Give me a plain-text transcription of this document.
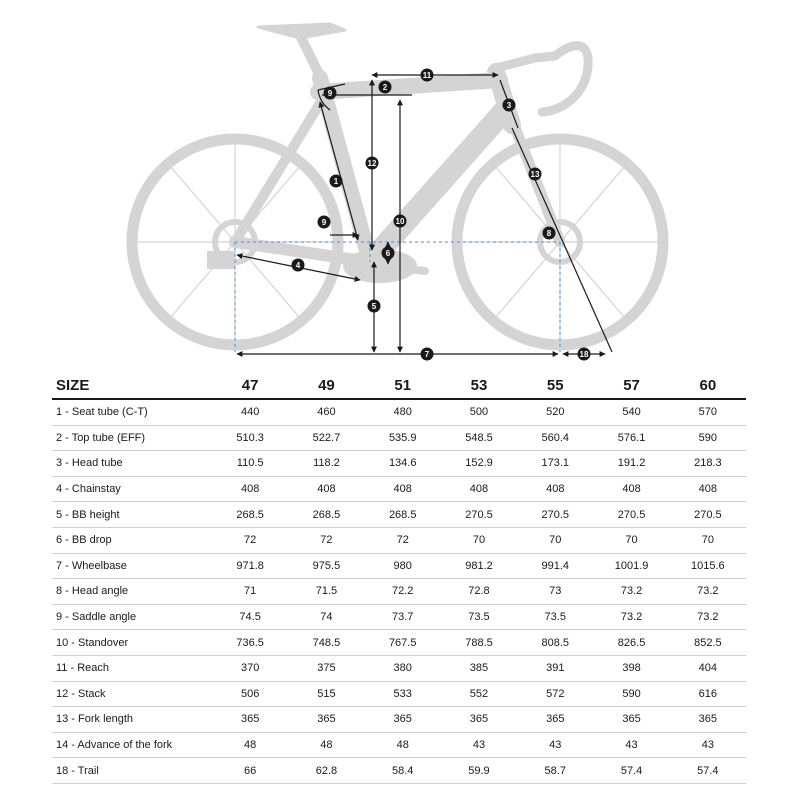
1
2
3
4
5
6
7
8
9
9	10
11
12
13
18
SIZE	47	49	51	53	55	57	60
1 - Seat tube (C-T)	440	460	480	500	520	540	570
2 - Top tube (EFF)	510.3	522.7	535.9	548.5	560.4	576.1	590
3 - Head tube	110.5	118.2	134.6	152.9	173.1	191.2	218.3
4 - Chainstay	408	408	408	408	408	408	408
5 - BB height	268.5	268.5	268.5	270.5	270.5	270.5	270.5
6 - BB drop	72	72	72	70	70	70	70
7 - Wheelbase	971.8	975.5	980	981.2	991.4	1001.9	1015.6
8 - Head angle	71	71.5	72.2	72.8	73	73.2	73.2
9 - Saddle angle	74.5	74	73.7	73.5	73.5	73.2	73.2
10 - Standover	736.5	748.5	767.5	788.5	808.5	826.5	852.5
11 - Reach	370	375	380	385	391	398	404
12 - Stack	506	515	533	552	572	590	616
13 - Fork length	365	365	365	365	365	365	365
14 - Advance of the fork	48	48	48	43	43	43	43
18 - Trail	66	62.8	58.4	59.9	58.7	57.4	57.4
